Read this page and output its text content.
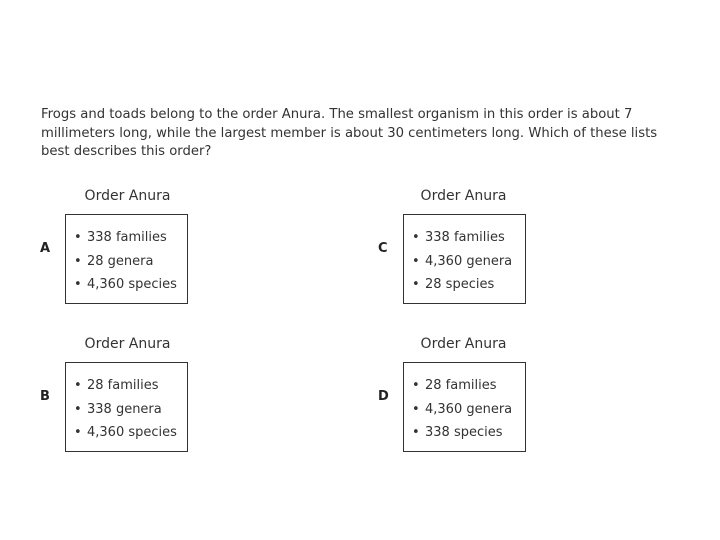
Frogs and toads belong to the order Anura. The smallest organism in this order is about 7 millimeters long, while the largest member is about 30 centimeters long. Which of these lists best describes this order?

A
Order Anura
• 338 families
• 28 genera
• 4,360 species
B
Order Anura
• 28 families
• 338 genera
• 4,360 species
C
Order Anura
• 338 families
• 4,360 genera
• 28 species
D
Order Anura
• 28 families
• 4,360 genera
• 338 species
